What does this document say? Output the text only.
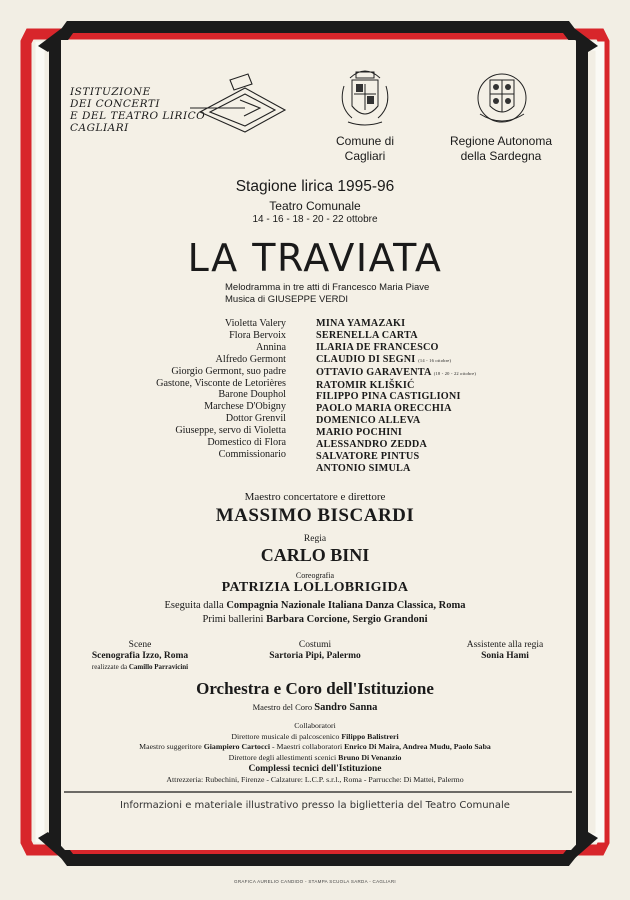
ISTITUZIONE
DEI CONCERTI
E DEL TEATRO LIRICO
CAGLIARI
Comune di
Cagliari
Regione Autonoma
della Sardegna
Stagione lirica 1995-96
Teatro Comunale
14 - 16 - 18 - 20 - 22 ottobre
LA TRAVIATA
Melodramma in tre atti di Francesco Maria Piave
Musica di GIUSEPPE VERDI
Violetta Valery
Flora Bervoix
Annina
Alfredo Germont
Giorgio Germont, suo padre
Gastone, Visconte de Letorières
Barone Douphol
Marchese D'Obigny
Dottor Grenvil
Giuseppe, servo di Violetta
Domestico di Flora
Commissionario
MINA YAMAZAKI
SERENELLA CARTA
ILARIA DE FRANCESCO
CLAUDIO DI SEGNI (14 - 16 ottobre)
OTTAVIO GARAVENTA (18 - 20 - 22 ottobre)
RATOMIR KLIŠKIĆ
FILIPPO PINA CASTIGLIONI
PAOLO MARIA ORECCHIA
DOMENICO ALLEVA
MARIO POCHINI
ALESSANDRO ZEDDA
SALVATORE PINTUS
ANTONIO SIMULA
Maestro concertatore e direttore
MASSIMO BISCARDI
Regia
CARLO BINI
Coreografia
PATRIZIA LOLLOBRIGIDA
Eseguita dalla Compagnia Nazionale Italiana Danza Classica, Roma
Primi ballerini Barbara Corcione, Sergio Grandoni
Scene
Scenografia Izzo, Roma
realizzate da Camillo Parravicini
Costumi
Sartoria Pipi, Palermo
Assistente alla regia
Sonia Hami
Orchestra e Coro dell'Istituzione
Maestro del Coro Sandro Sanna
Collaboratori
Direttore musicale di palcoscenico Filippo Balistreri
Maestro suggeritore Giampiero Cartocci - Maestri collaboratori Enrico Di Maira, Andrea Mudu, Paolo Saba
Direttore degli allestimenti scenici Bruno Di Venanzio
Complessi tecnici dell'Istituzione
Attrezzeria: Rubechini, Firenze - Calzature: L.C.P. s.r.l., Roma - Parrucche: Di Mattei, Palermo
Informazioni e materiale illustrativo presso la biglietteria del Teatro Comunale
GRAFICA AURELIO CANDIDO - STAMPA SCUOLA SARDA - CAGLIARI
